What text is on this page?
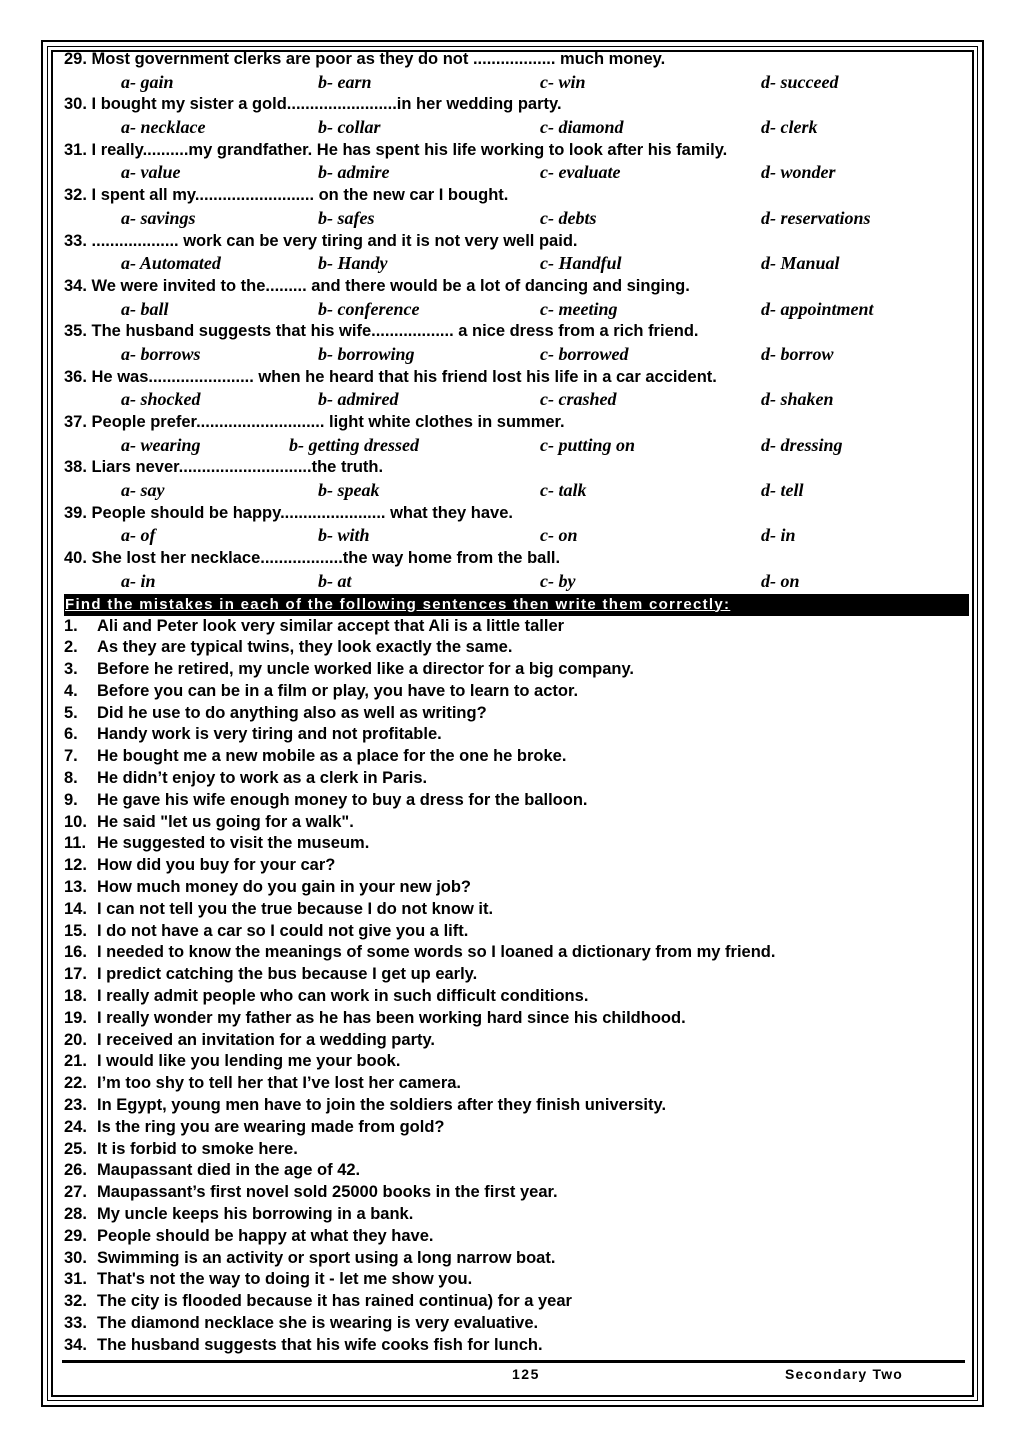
29. Most government clerks are poor as they do not .................. much money.
a- gain	b- earn	c- win	d- succeed
30. I bought my sister a gold........................in her wedding party.
a- necklace	b- collar	c- diamond	d- clerk
31. I really..........my grandfather. He has spent his life working to look after his family.
a- value	b- admire	c- evaluate	d- wonder
32. I spent all my.......................... on the new car I bought.
a- savings	b- safes	c- debts	d- reservations
33. ................... work can be very tiring and it is not very well paid.
a- Automated	b- Handy	c- Handful	d- Manual
34. We were invited to the......... and there would be a lot of dancing and singing.
a- ball	b- conference	c- meeting	d- appointment
35. The husband suggests that his wife.................. a nice dress from a rich friend.
a- borrows	b- borrowing	c- borrowed	d- borrow
36. He was....................... when he heard that his friend lost his life in a car accident.
a- shocked	b- admired	c- crashed	d- shaken
37. People prefer............................ light white clothes in summer.
a- wearing	b- getting dressed	c- putting on	d- dressing
38. Liars never.............................the truth.
a- say	b- speak	c- talk	d- tell
39. People should be happy....................... what they have.
a- of	b- with	c- on	d- in
40. She lost her necklace..................the way home from the ball.
a- in	b- at	c- by	d- on
Find the mistakes in each of the following sentences then write them correctly:
1. Ali and Peter look very similar accept that Ali is a little taller
2. As they are typical twins, they look exactly the same.
3. Before he retired, my uncle worked like a director for a big company.
4. Before you can be in a film or play, you have to learn to actor.
5. Did he use to do anything also as well as writing?
6. Handy work is very tiring and not profitable.
7. He bought me a new mobile as a place for the one he broke.
8. He didn’t enjoy to work as a clerk in Paris.
9. He gave his wife enough money to buy a dress for the balloon.
10. He said "let us going for a walk".
11. He suggested to visit the museum.
12. How did you buy for your car?
13. How much money do you gain in your new job?
14. I can not tell you the true because I do not know it.
15. I do not have a car so I could not give you a lift.
16. I needed to know the meanings of some words so I loaned a dictionary from my friend.
17. I predict catching the bus because I get up early.
18. I really admit people who can work in such difficult conditions.
19. I really wonder my father as he has been working hard since his childhood.
20. I received an invitation for a wedding party.
21. I would like you lending me your book.
22. I’m too shy to tell her that I’ve lost her camera.
23. In Egypt, young men have to join the soldiers after they finish university.
24. Is the ring you are wearing made from gold?
25. It is forbid to smoke here.
26. Maupassant died in the age of 42.
27. Maupassant’s first novel sold 25000 books in the first year.
28. My uncle keeps his borrowing in a bank.
29. People should be happy at what they have.
30. Swimming is an activity or sport using a long narrow boat.
31. That's not the way to doing it - let me show you.
32. The city is flooded because it has rained continua) for a year
33. The diamond necklace she is wearing is very evaluative.
34. The husband suggests that his wife cooks fish for lunch.
125	Secondary Two
